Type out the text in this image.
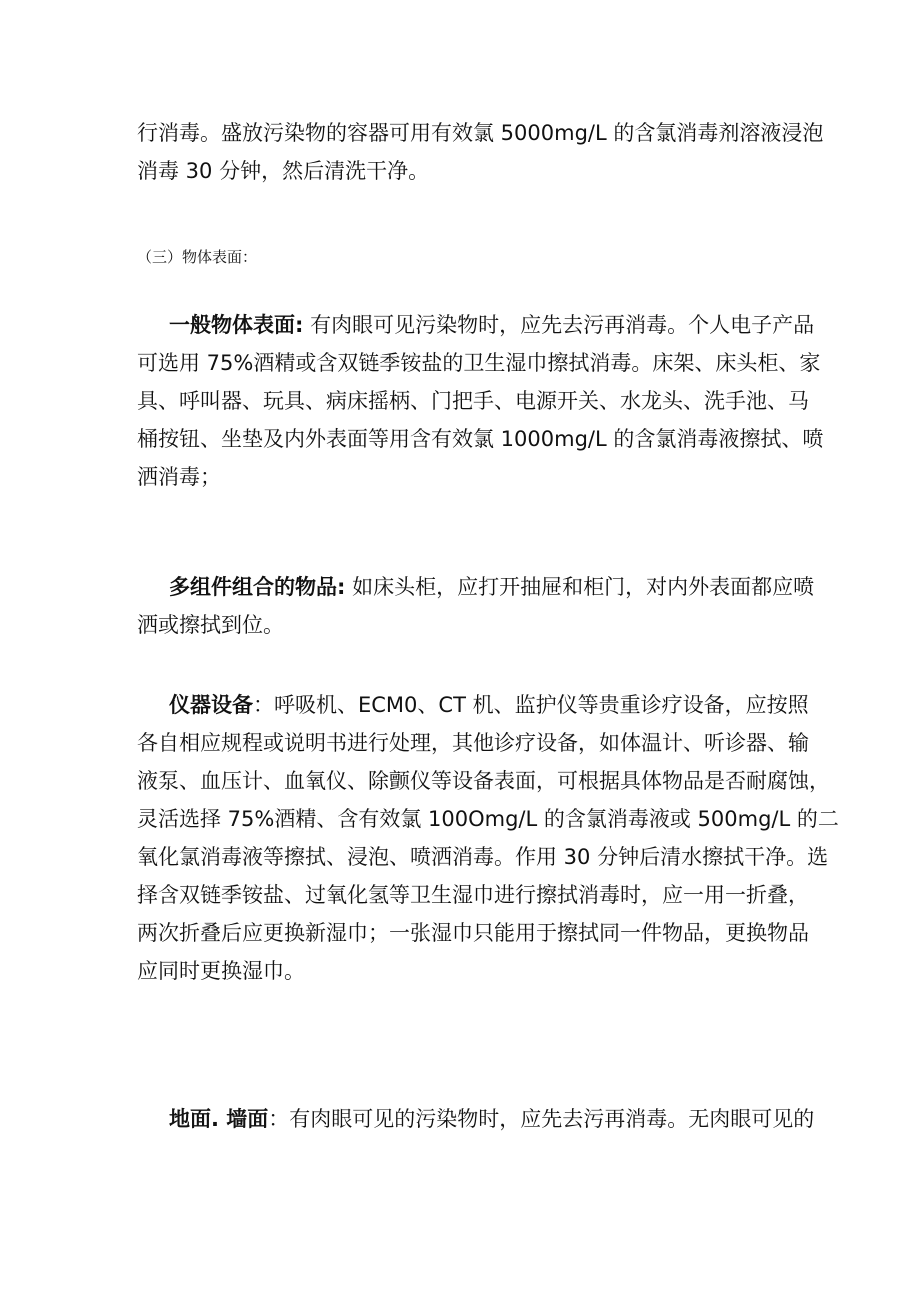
行消毒。盛放污染物的容器可用有效氯 5000mg/L 的含氯消毒剂溶液浸泡
消毒 30 分钟，然后清洗干净。
（三）物体表面：
一般物体表面: 有肉眼可见污染物时，应先去污再消毒。个人电子产品
可选用 75%酒精或含双链季铵盐的卫生湿巾擦拭消毒。床架、床头柜、家
具、呼叫器、玩具、病床摇柄、门把手、电源开关、水龙头、洗手池、马
桶按钮、坐垫及内外表面等用含有效氯 1000mg/L 的含氯消毒液擦拭、喷
洒消毒；
多组件组合的物品: 如床头柜，应打开抽屉和柜门，对内外表面都应喷
洒或擦拭到位。
仪器设备：呼吸机、ECM0、CT 机、监护仪等贵重诊疗设备，应按照
各自相应规程或说明书进行处理，其他诊疗设备，如体温计、听诊器、输
液泵、血压计、血氧仪、除颤仪等设备表面，可根据具体物品是否耐腐蚀，
灵活选择 75%酒精、含有效氯 100Omg/L 的含氯消毒液或 500mg/L 的二
氧化氯消毒液等擦拭、浸泡、喷洒消毒。作用 30 分钟后清水擦拭干净。选
择含双链季铵盐、过氧化氢等卫生湿巾进行擦拭消毒时，应一用一折叠，
两次折叠后应更换新湿巾；一张湿巾只能用于擦拭同一件物品，更换物品
应同时更换湿巾。
地面. 墙面：有肉眼可见的污染物时，应先去污再消毒。无肉眼可见的
